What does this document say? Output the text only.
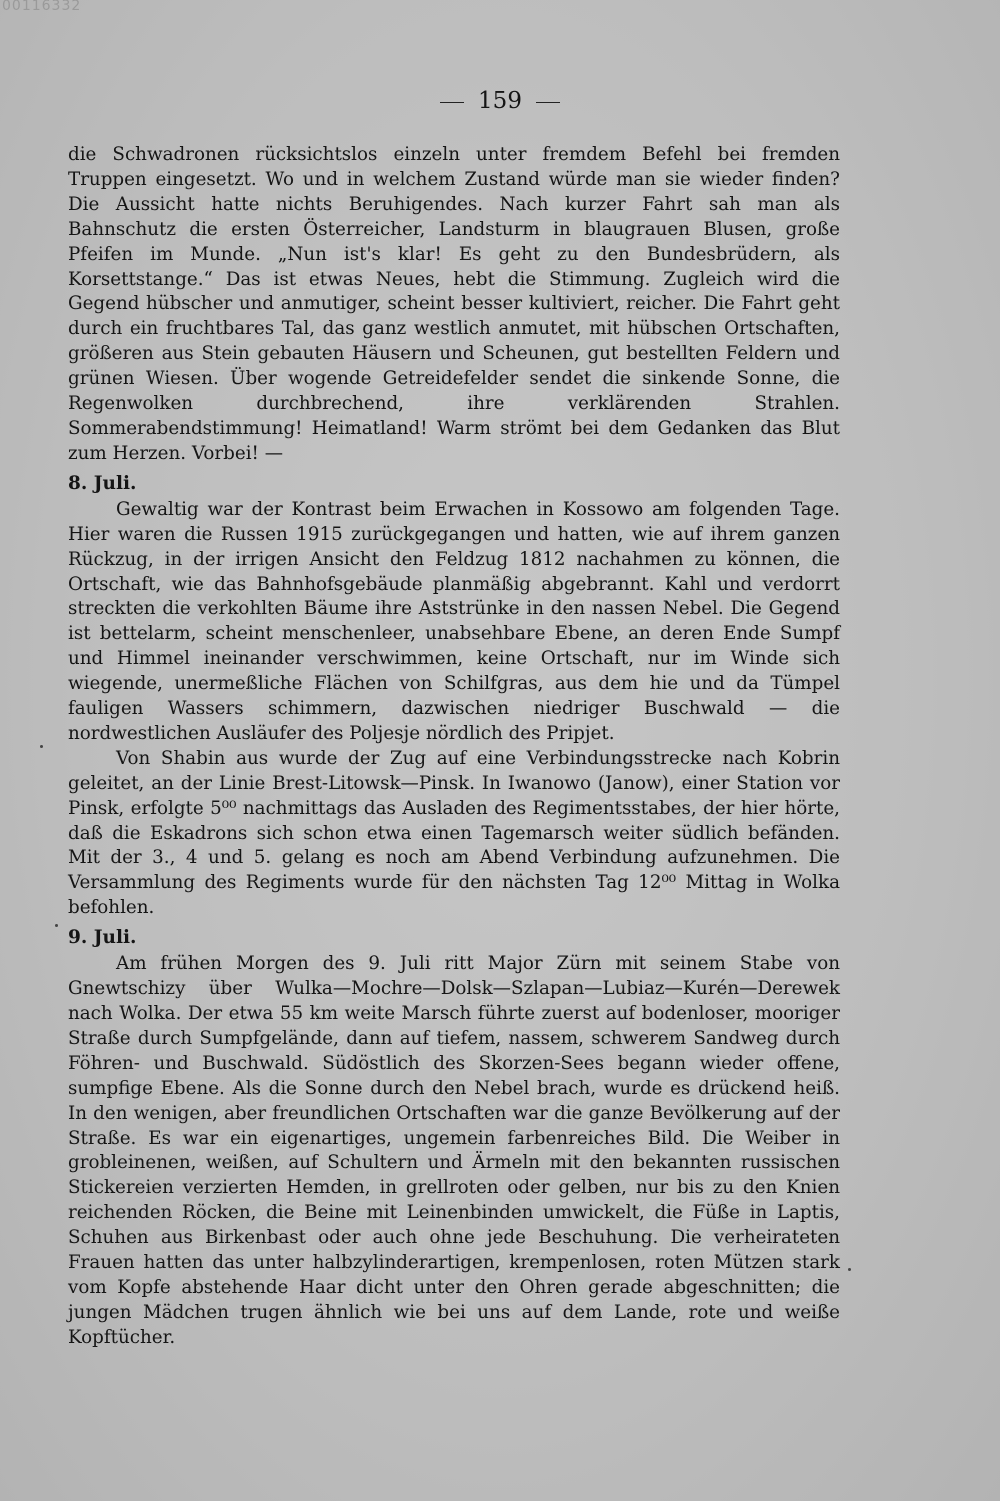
00116332
159

die Schwadronen rücksichtslos einzeln unter fremdem Befehl bei fremden Truppen eingesetzt. Wo und in welchem Zustand würde man sie wieder finden? Die Aussicht hatte nichts Beruhigendes. Nach kurzer Fahrt sah man als Bahnschutz die ersten Österreicher, Landsturm in blaugrauen Blusen, große Pfeifen im Munde. „Nun ist's klar! Es geht zu den Bundesbrüdern, als Korsettstange.“ Das ist etwas Neues, hebt die Stimmung. Zugleich wird die Gegend hübscher und anmutiger, scheint besser kultiviert, reicher. Die Fahrt geht durch ein fruchtbares Tal, das ganz westlich anmutet, mit hübschen Ortschaften, größeren aus Stein gebauten Häusern und Scheunen, gut bestellten Feldern und grünen Wiesen. Über wogende Getreidefelder sendet die sinkende Sonne, die Regenwolken durchbrechend, ihre verklärenden Strahlen. Sommerabendstimmung! Heimatland! Warm strömt bei dem Gedanken das Blut zum Herzen. Vorbei! —

8. Juli.

Gewaltig war der Kontrast beim Erwachen in Kossowo am folgenden Tage. Hier waren die Russen 1915 zurückgegangen und hatten, wie auf ihrem ganzen Rückzug, in der irrigen Ansicht den Feldzug 1812 nachahmen zu können, die Ortschaft, wie das Bahnhofsgebäude planmäßig abgebrannt. Kahl und verdorrt streckten die verkohlten Bäume ihre Aststrünke in den nassen Nebel. Die Gegend ist bettelarm, scheint menschenleer, unabsehbare Ebene, an deren Ende Sumpf und Himmel ineinander verschwimmen, keine Ortschaft, nur im Winde sich wiegende, unermeßliche Flächen von Schilfgras, aus dem hie und da Tümpel fauligen Wassers schimmern, dazwischen niedriger Buschwald — die nordwestlichen Ausläufer des Poljesje nördlich des Pripjet.

Von Shabin aus wurde der Zug auf eine Verbindungsstrecke nach Kobrin geleitet, an der Linie Brest-Litowsk—Pinsk. In Iwanowo (Janow), einer Station vor Pinsk, erfolgte 5⁰⁰ nachmittags das Ausladen des Regimentsstabes, der hier hörte, daß die Eskadrons sich schon etwa einen Tagemarsch weiter südlich befänden. Mit der 3., 4 und 5. gelang es noch am Abend Verbindung aufzunehmen. Die Versammlung des Regiments wurde für den nächsten Tag 12⁰⁰ Mittag in Wolka befohlen.

9. Juli.

Am frühen Morgen des 9. Juli ritt Major Zürn mit seinem Stabe von Gnewtschizy über Wulka—Mochre—Dolsk—Szlapan—Lubiaz—Kurén—Derewek nach Wolka. Der etwa 55 km weite Marsch führte zuerst auf bodenloser, mooriger Straße durch Sumpfgelände, dann auf tiefem, nassem, schwerem Sandweg durch Föhren- und Buschwald. Südöstlich des Skorzen-Sees begann wieder offene, sumpfige Ebene. Als die Sonne durch den Nebel brach, wurde es drückend heiß. In den wenigen, aber freundlichen Ortschaften war die ganze Bevölkerung auf der Straße. Es war ein eigenartiges, ungemein farbenreiches Bild. Die Weiber in grobleinenen, weißen, auf Schultern und Ärmeln mit den bekannten russischen Stickereien verzierten Hemden, in grellroten oder gelben, nur bis zu den Knien reichenden Röcken, die Beine mit Leinenbinden umwickelt, die Füße in Laptis, Schuhen aus Birkenbast oder auch ohne jede Beschuhung. Die verheirateten Frauen hatten das unter halbzylinderartigen, krempenlosen, roten Mützen stark vom Kopfe abstehende Haar dicht unter den Ohren gerade abgeschnitten; die jungen Mädchen trugen ähnlich wie bei uns auf dem Lande, rote und weiße Kopftücher.
